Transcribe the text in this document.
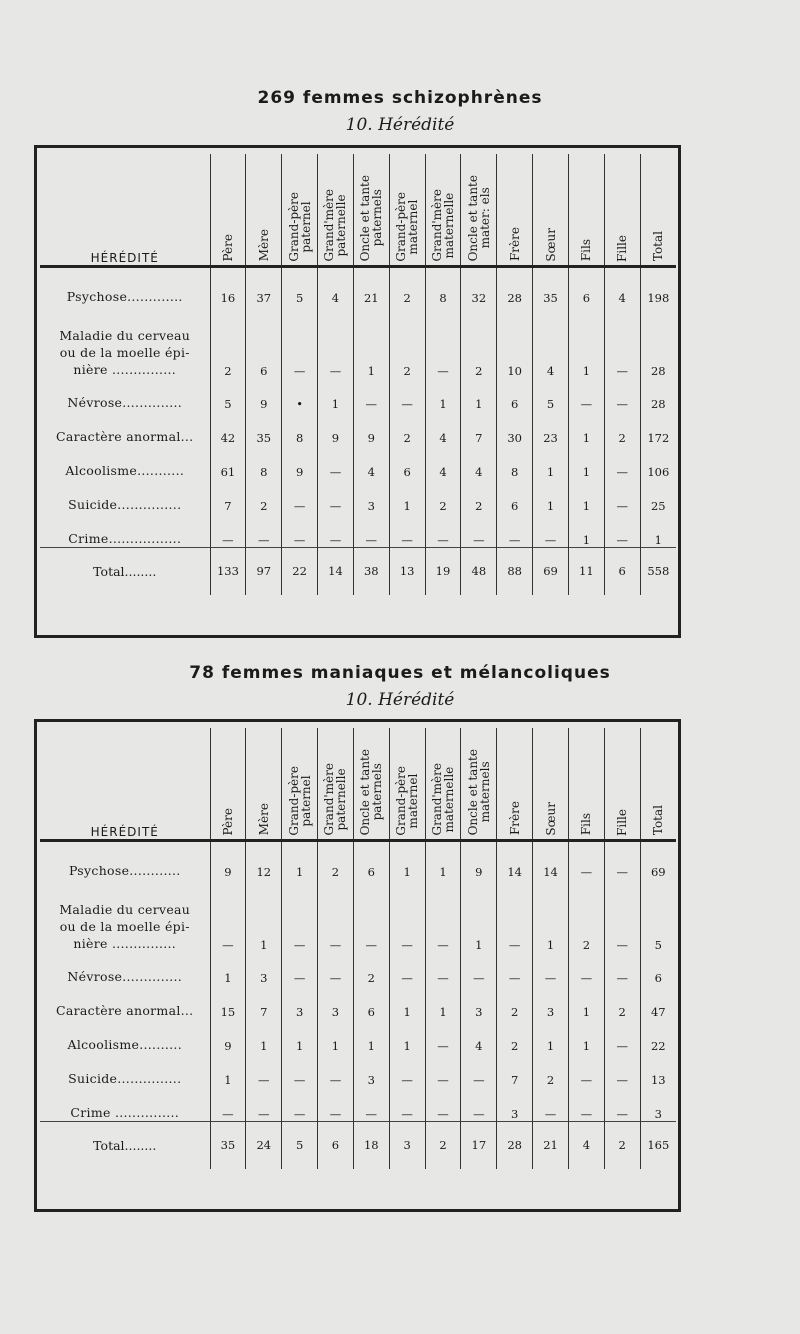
269 femmes schizophrènes
10. Hérédité
HÉRÉDITÉ	Père	Mère	Grand-père
paternel	Grand'mère
paternelle	Oncle et tante
paternels	Grand-père
maternel	Grand'mère
maternelle	Oncle et tante
mater: els	Frère	Sœur	Fils	Fille	Total
Psychose.............	16	37	5	4	21	2	8	32	28	35	6	4	198
Maladie du cerveau
ou de la moelle épi-
nière ...............	2	6	—	—	1	2	—	2	10	4	1	—	28
Névrose..............	5	9	•	1	—	—	1	1	6	5	—	—	28
Caractère anormal...	42	35	8	9	9	2	4	7	30	23	1	2	172
Alcoolisme...........	61	8	9	—	4	6	4	4	8	1	1	—	106
Suicide...............	7	2	—	—	3	1	2	2	6	1	1	—	25
Crime.................	—	—	—	—	—	—	—	—	—	—	1	—	1
Total........	133	97	22	14	38	13	19	48	88	69	11	6	558
78 femmes maniaques et mélancoliques
10. Hérédité
HÉRÉDITÉ	Père	Mère	Grand-père
paternel	Grand'mère
paternelle	Oncle et tante
paternels	Grand-père
maternel	Grand'mère
maternelle	Oncle et tante
maternels	Frère	Sœur	Fils	Fille	Total
Psychose............	9	12	1	2	6	1	1	9	14	14	—	—	69
Maladie du cerveau
ou de la moelle épi-
nière ...............	—	1	—	—	—	—	—	1	—	1	2	—	5
Névrose..............	1	3	—	—	2	—	—	—	—	—	—	—	6
Caractère anormal...	15	7	3	3	6	1	1	3	2	3	1	2	47
Alcoolisme..........	9	1	1	1	1	1	—	4	2	1	1	—	22
Suicide...............	1	—	—	—	3	—	—	—	7	2	—	—	13
Crime ...............	—	—	—	—	—	—	—	—	3	—	—	—	3
Total........	35	24	5	6	18	3	2	17	28	21	4	2	165
